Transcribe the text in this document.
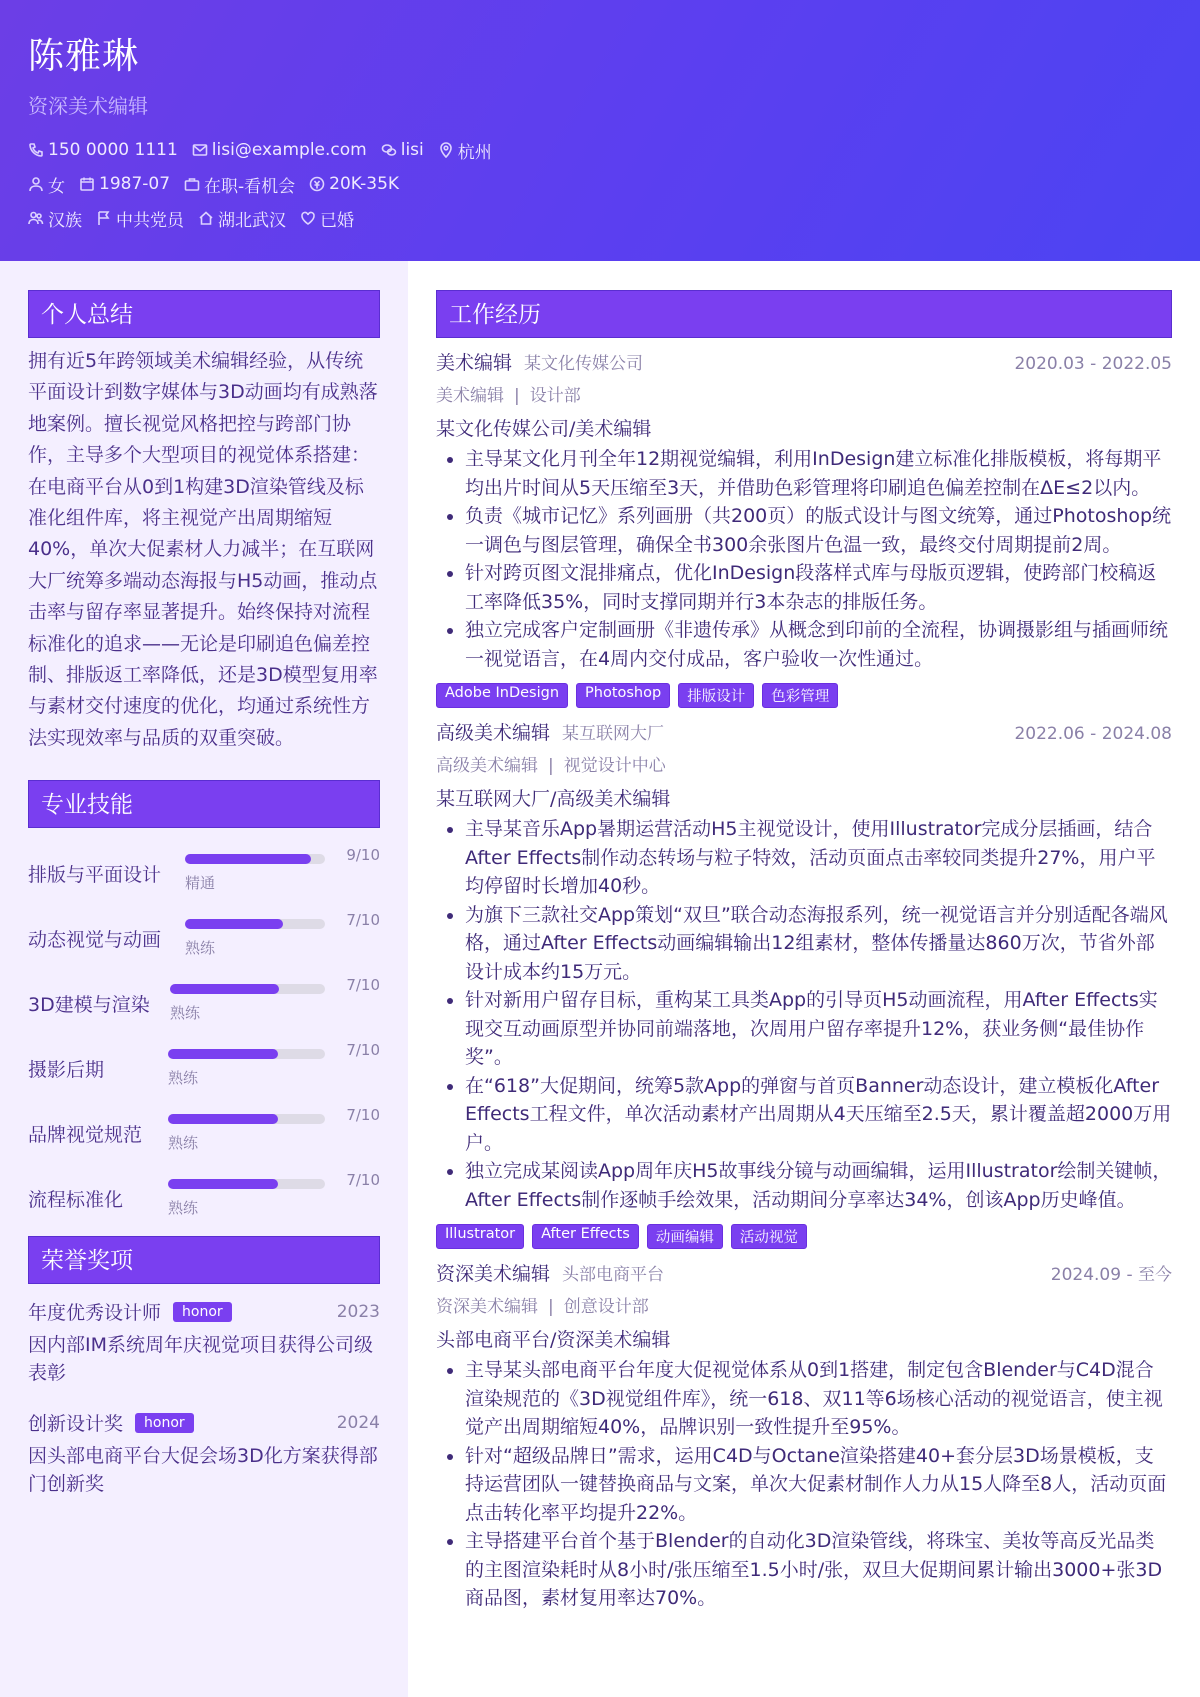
陈雅琳
资深美术编辑
150 0000 1111 lisi@example.com lisi 杭州
女 1987-07 在职-看机会 20K-35K
汉族 中共党员 湖北武汉 已婚
个人总结
拥有近5年跨领域美术编辑经验，从传统平面设计到数字媒体与3D动画均有成熟落地案例。擅长视觉风格把控与跨部门协作，主导多个大型项目的视觉体系搭建：在电商平台从0到1构建3D渲染管线及标准化组件库，将主视觉产出周期缩短40%，单次大促素材人力减半；在互联网大厂统筹多端动态海报与H5动画，推动点击率与留存率显著提升。始终保持对流程标准化的追求——无论是印刷追色偏差控制、排版返工率降低，还是3D模型复用率与素材交付速度的优化，均通过系统性方法实现效率与品质的双重突破。
专业技能
排版与平面设计 精通
9/10
动态视觉与动画 熟练
7/10
3D建模与渲染 熟练
7/10
摄影后期	熟练
7/10
品牌视觉规范 熟练
7/10
流程标准化	熟练
7/10
荣誉奖项
年度优秀设计师	honor	2023
因内部IM系统周年庆视觉项目获得公司级表彰
创新设计奖	honor	2024
因头部电商平台大促会场3D化方案获得部门创新奖
工作经历
美术编辑 某文化传媒公司	2020.03 - 2022.05
美术编辑 | 设计部
某文化传媒公司/美术编辑
• 主导某文化月刊全年12期视觉编辑，利用InDesign建立标准化排版模板，将每期平均出片时间从5天压缩至3天，并借助色彩管理将印刷追色偏差控制在ΔE≤2以内。
• 负责《城市记忆》系列画册（共200页）的版式设计与图文统筹，通过Photoshop统一调色与图层管理，确保全书300余张图片色温一致，最终交付周期提前2周。
• 针对跨页图文混排痛点，优化InDesign段落样式库与母版页逻辑，使跨部门校稿返工率降低35%，同时支撑同期并行3本杂志的排版任务。
• 独立完成客户定制画册《非遗传承》从概念到印前的全流程，协调摄影组与插画师统一视觉语言，在4周内交付成品，客户验收一次性通过。
Adobe InDesign	Photoshop	排版设计	色彩管理
高级美术编辑 某互联网大厂	2022.06 - 2024.08
高级美术编辑 | 视觉设计中心
某互联网大厂/高级美术编辑
• 主导某音乐App暑期运营活动H5主视觉设计，使用Illustrator完成分层插画，结合After Effects制作动态转场与粒子特效，活动页面点击率较同类提升27%，用户平均停留时长增加40秒。
• 为旗下三款社交App策划“双旦”联合动态海报系列，统一视觉语言并分别适配各端风格，通过After Effects动画编辑输出12组素材，整体传播量达860万次，节省外部设计成本约15万元。
• 针对新用户留存目标，重构某工具类App的引导页H5动画流程，用After Effects实现交互动画原型并协同前端落地，次周用户留存率提升12%，获业务侧“最佳协作奖”。
• 在“618”大促期间，统筹5款App的弹窗与首页Banner动态设计，建立模板化After Effects工程文件，单次活动素材产出周期从4天压缩至2.5天，累计覆盖超2000万用户。
• 独立完成某阅读App周年庆H5故事线分镜与动画编辑，运用Illustrator绘制关键帧，After Effects制作逐帧手绘效果，活动期间分享率达34%，创该App历史峰值。
Illustrator	After Effects	动画编辑	活动视觉
资深美术编辑 头部电商平台	2024.09 - 至今
资深美术编辑 | 创意设计部
头部电商平台/资深美术编辑
• 主导某头部电商平台年度大促视觉体系从0到1搭建，制定包含Blender与C4D混合渲染规范的《3D视觉组件库》，统一618、双11等6场核心活动的视觉语言，使主视觉产出周期缩短40%，品牌识别一致性提升至95%。
• 针对“超级品牌日”需求，运用C4D与Octane渲染搭建40+套分层3D场景模板，支持运营团队一键替换商品与文案，单次大促素材制作人力从15人降至8人，活动页面点击转化率平均提升22%。
• 主导搭建平台首个基于Blender的自动化3D渲染管线，将珠宝、美妆等高反光品类的主图渲染耗时从8小时/张压缩至1.5小时/张，双旦大促期间累计输出3000+张3D商品图，素材复用率达70%。
